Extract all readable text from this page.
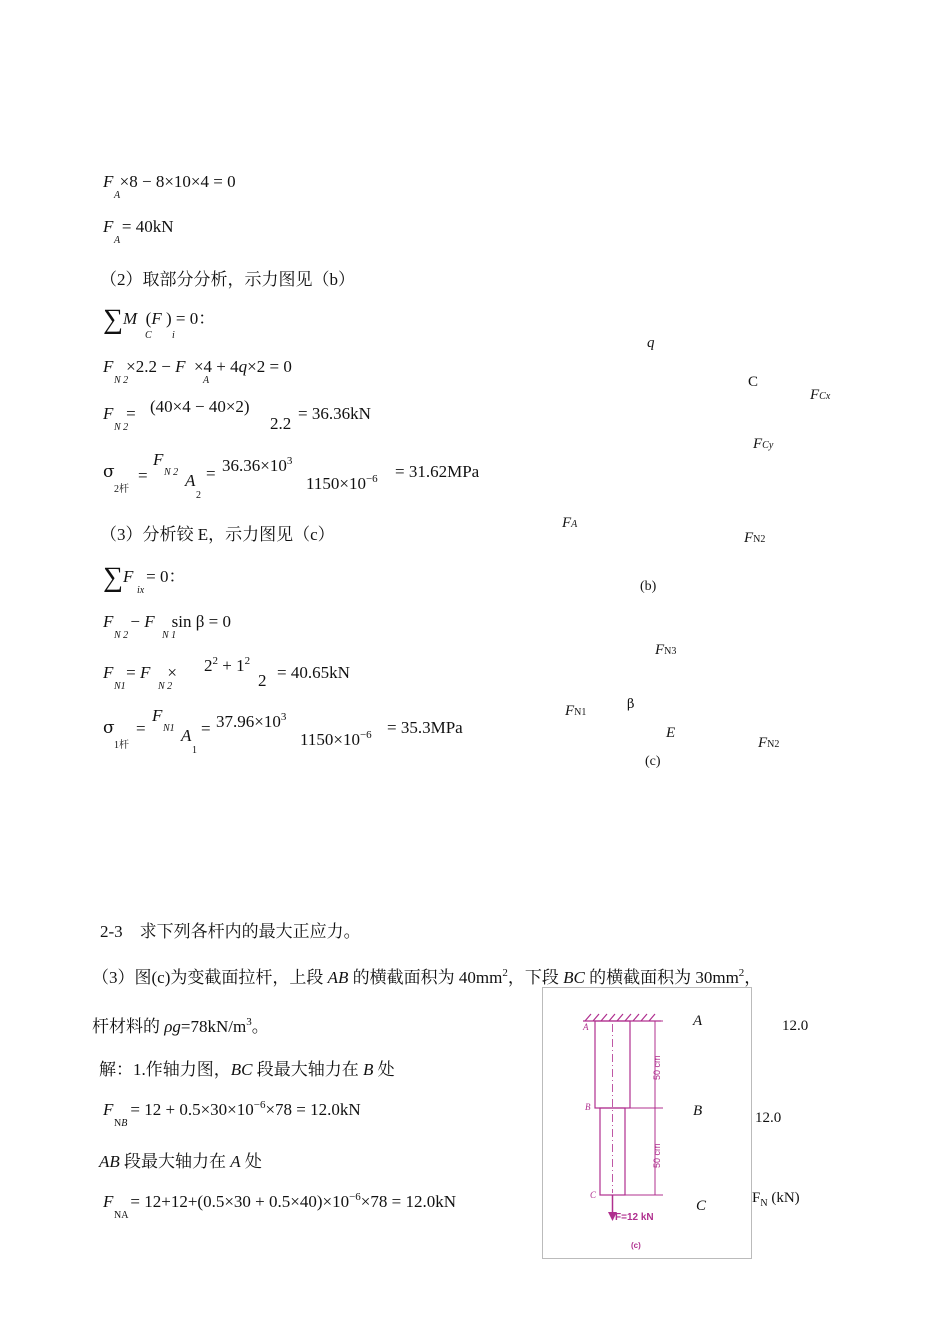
F ×8 − 8×10×4 = 0
A
F  = 40kN
A
（2）取部分分析，示力图见（b）
∑M  (F ) = 0：
C i
F   ×2.2 − F  ×4 + 4q×2 = 0
N 2	A
F   =
N 2
(40×4 − 40×2)
2.2
= 36.36kN
σ
2杆
=
F
N 2 A
2
= $36.36\times 10^3$
$1150\times 10^{-6} = 31.62MPa$
（3）分析铰 E，示力图见（c）
∑F   = 0：
ix
F    − F    sin β = 0
N 2	N 1
F   = F    ×
N1	N 2
$2^2 + 1^2$
2 = 40.65kN
σ
1杆
=
F
N1 A
1
= $37.96\times 10^3$
$1150\times 10^{-6} = 35.3MPa$
q
C
FCx
FCy
FA
FN2
(b)
FN3
FN1
β
E
FN2
(c)
2-3　求下列各杆内的最大正应力。
（3）图(c)为变截面拉杆，上段 AB 的横截面积为 $40mm^2$，下段 BC 的横截面积为 $30mm^2$，
杆材料的 $\rho g=78kN/m^3$。
解：1.作轴力图，BC 段最大轴力在 B 处
F    = $12 + 0.5\times 30\times 10^{-6}\times 78 = 12.0kN$
NB
AB 段最大轴力在 A 处
F    = $12+12+(0.5\times 30 + 0.5\times 40)\times 10^{-6}\times 78 = 12.0kN$
NA
50 cm
50 cm
A
B
C
F=12 kN
(c)
A	12.0
B	12.0
C	$F_N$ (kN)
